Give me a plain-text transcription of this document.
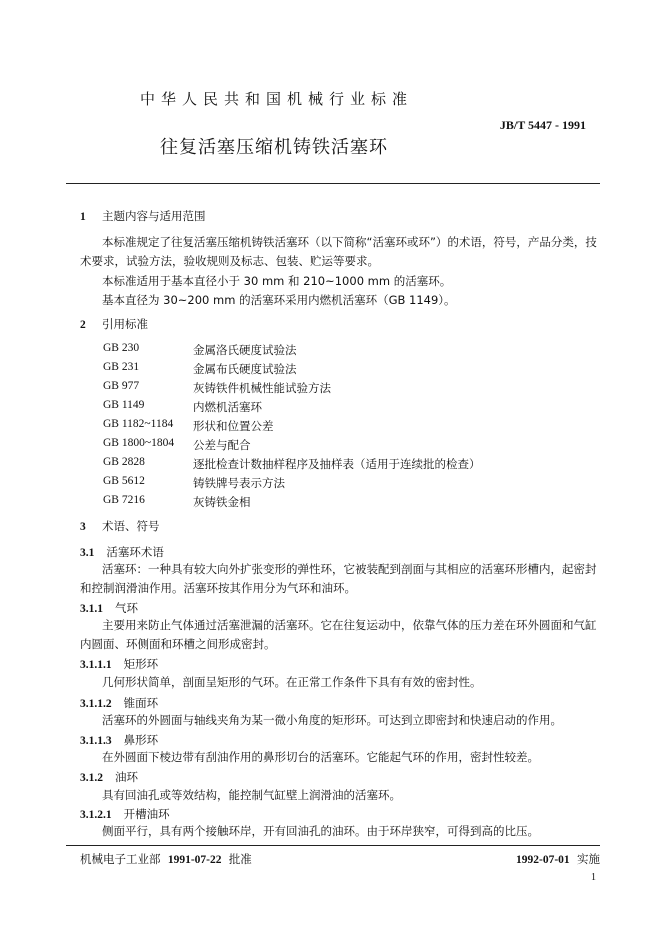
中华人民共和国机械行业标准
JB/T 5447 - 1991
往复活塞压缩机铸铁活塞环
1 主题内容与适用范围
本标准规定了往复活塞压缩机铸铁活塞环（以下简称“活塞环或环”）的术语，符号，产品分类，技术要求，试验方法，验收规则及标志、包装、贮运等要求。
本标准适用于基本直径小于 30 mm 和 210~1000 mm 的活塞环。
基本直径为 30~200 mm 的活塞环采用内燃机活塞环（GB 1149）。
2 引用标准
GB 230	金属洛氏硬度试验法
GB 231	金属布氏硬度试验法
GB 977	灰铸铁件机械性能试验方法
GB 1149	内燃机活塞环
GB 1182~1184 形状和位置公差
GB 1800~1804 公差与配合
GB 2828	逐批检查计数抽样程序及抽样表（适用于连续批的检查）
GB 5612	铸铁牌号表示方法
GB 7216	灰铸铁金相
3 术语、符号
3.1 活塞环术语
活塞环：一种具有较大向外扩张变形的弹性环，它被装配到剖面与其相应的活塞环形槽内，起密封和控制润滑油作用。活塞环按其作用分为气环和油环。
3.1.1 气环
主要用来防止气体通过活塞泄漏的活塞环。它在往复运动中，依靠气体的压力差在环外圆面和气缸内圆面、环侧面和环槽之间形成密封。
3.1.1.1 矩形环
几何形状简单，剖面呈矩形的气环。在正常工作条件下具有有效的密封性。
3.1.1.2 锥面环
活塞环的外圆面与轴线夹角为某一微小角度的矩形环。可达到立即密封和快速启动的作用。
3.1.1.3 鼻形环
在外圆面下棱边带有刮油作用的鼻形切台的活塞环。它能起气环的作用，密封性较差。
3.1.2 油环
具有回油孔或等效结构，能控制气缸壁上润滑油的活塞环。
3.1.2.1 开槽油环
侧面平行，具有两个接触环岸，开有回油孔的油环。由于环岸狭窄，可得到高的比压。
机械电子工业部 1991-07-22 批准	1992-07-01 实施
1
